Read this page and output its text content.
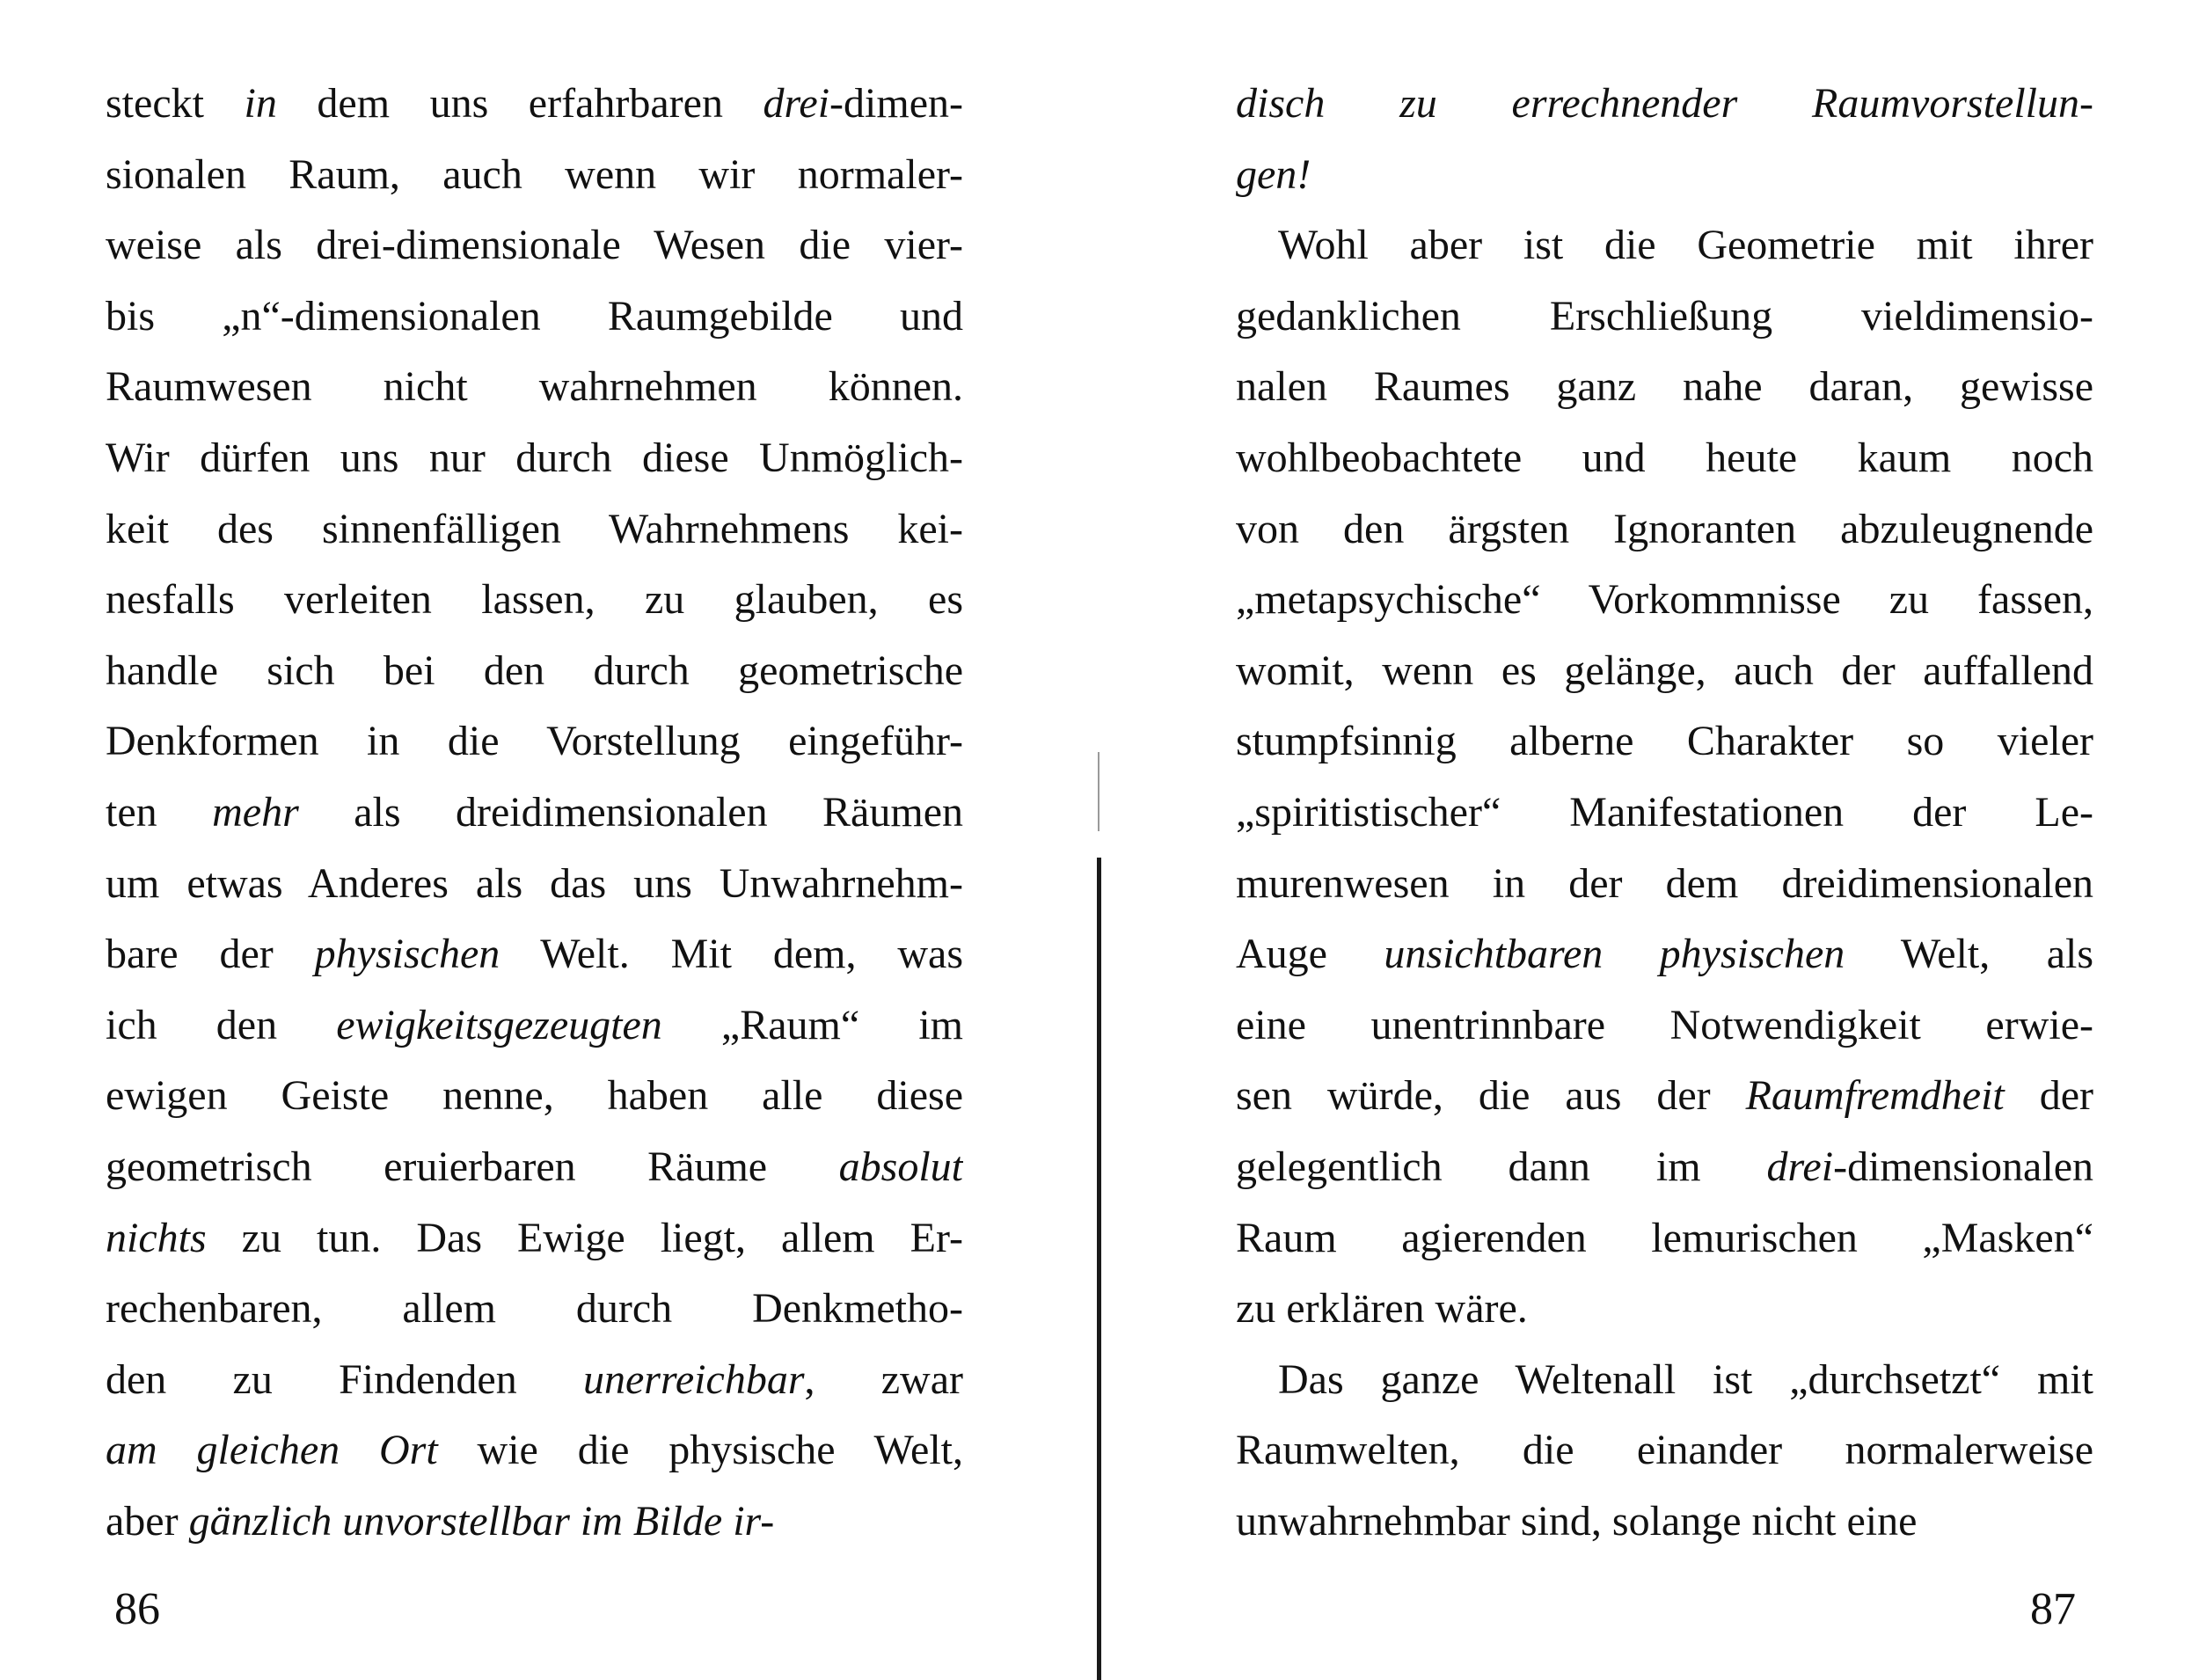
steckt in dem uns erfahrbaren drei-dimen-
sionalen Raum, auch wenn wir normaler-
weise als drei-dimensionale Wesen die vier-
bis „n“-dimensionalen Raumgebilde und
Raumwesen nicht wahrnehmen können.
Wir dürfen uns nur durch diese Unmöglich-
keit des sinnenfälligen Wahrnehmens kei-
nesfalls verleiten lassen, zu glauben, es
handle sich bei den durch geometrische
Denkformen in die Vorstellung eingeführ-
ten mehr als dreidimensionalen Räumen
um etwas Anderes als das uns Unwahrnehm-
bare der physischen Welt. Mit dem, was
ich den ewigkeitsgezeugten „Raum“ im
ewigen Geiste nenne, haben alle diese
geometrisch eruierbaren Räume absolut
nichts zu tun. Das Ewige liegt, allem Er-
rechenbaren, allem durch Denkmetho-
den zu Findenden unerreichbar, zwar
am gleichen Ort wie die physische Welt,
aber gänzlich unvorstellbar im Bilde ir-
86
disch zu errechnender Raumvorstellun-
gen!
Wohl aber ist die Geometrie mit ihrer
gedanklichen Erschließung vieldimensio-
nalen Raumes ganz nahe daran, gewisse
wohlbeobachtete und heute kaum noch
von den ärgsten Ignoranten abzuleugnende
„metapsychische“ Vorkommnisse zu fassen,
womit, wenn es gelänge, auch der auffallend
stumpfsinnig alberne Charakter so vieler
„spiritistischer“ Manifestationen der Le-
murenwesen in der dem dreidimensionalen
Auge unsichtbaren physischen Welt, als
eine unentrinnbare Notwendigkeit erwie-
sen würde, die aus der Raumfremdheit der
gelegentlich dann im drei-dimensionalen
Raum agierenden lemurischen „Masken“
zu erklären wäre.
Das ganze Weltenall ist „durchsetzt“ mit
Raumwelten, die einander normalerweise
unwahrnehmbar sind, solange nicht eine
87
